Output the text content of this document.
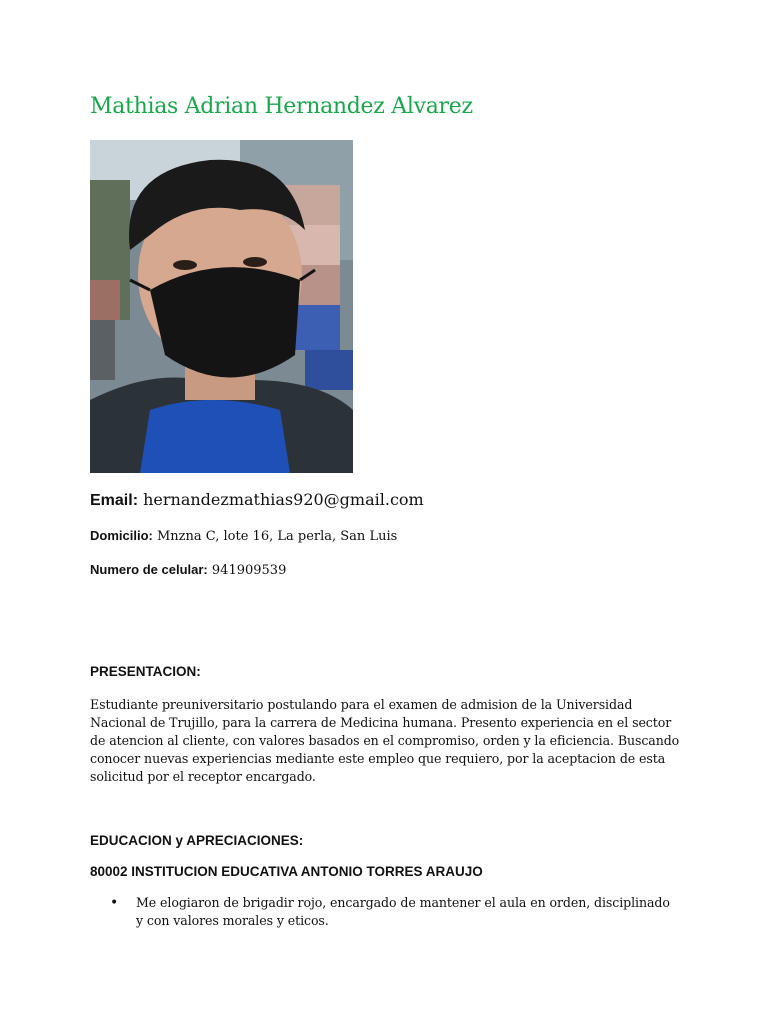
Mathias Adrian Hernandez Alvarez
Email: hernandezmathias920@gmail.com
Domicilio: Mnzna C, lote 16, La perla, San Luis
Numero de celular: 941909539
PRESENTACION:
Estudiante preuniversitario postulando para el examen de admision de la Universidad Nacional de Trujillo, para la carrera de Medicina humana. Presento experiencia en el sector de atencion al cliente, con valores basados en el compromiso, orden y la eficiencia. Buscando conocer nuevas experiencias mediante este empleo que requiero, por la aceptacion de esta solicitud por el receptor encargado.
EDUCACION y APRECIACIONES:
80002 INSTITUCION EDUCATIVA ANTONIO TORRES ARAUJO
• Me elogiaron de brigadir rojo, encargado de mantener el aula en orden, disciplinado y con valores morales y eticos.
